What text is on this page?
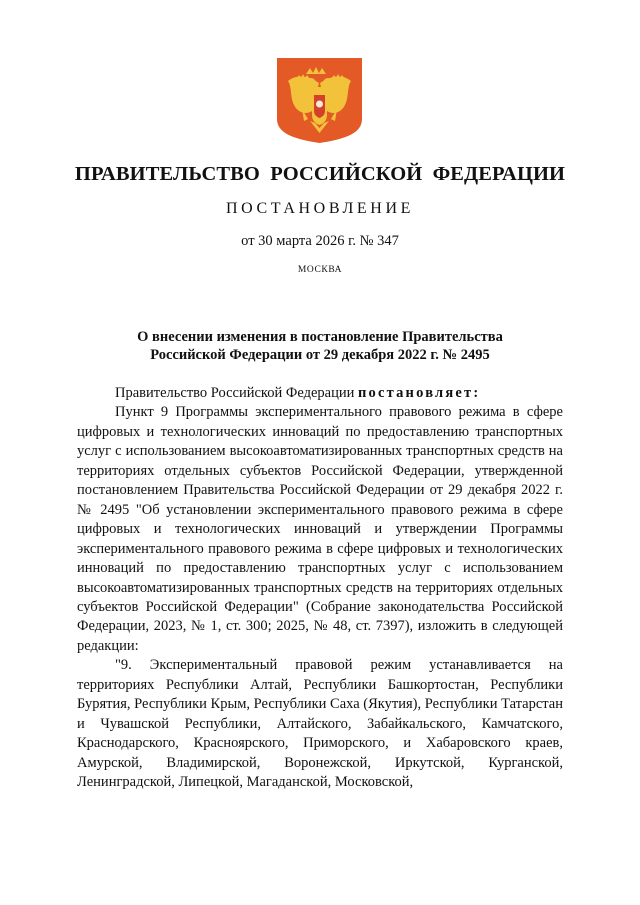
ПРАВИТЕЛЬСТВО РОССИЙСКОЙ ФЕДЕРАЦИИ
ПОСТАНОВЛЕНИЕ
от 30 марта 2026 г. № 347
МОСКВА
О внесении изменения в постановление Правительства
Российской Федерации от 29 декабря 2022 г. № 2495

Правительство Российской Федерации постановляет:

Пункт 9 Программы экспериментального правового режима в сфере цифровых и технологических инноваций по предоставлению транспортных услуг с использованием высокоавтоматизированных транспортных средств на территориях отдельных субъектов Российской Федерации, утвержденной постановлением Правительства Российской Федерации от 29 декабря 2022 г. № 2495 "Об установлении экспериментального правового режима в сфере цифровых и технологических инноваций и утверждении Программы экспериментального правового режима в сфере цифровых и технологических инноваций по предоставлению транспортных услуг с использованием высокоавтоматизированных транспортных средств на территориях отдельных субъектов Российской Федерации" (Собрание законодательства Российской Федерации, 2023, № 1, ст. 300; 2025, № 48, ст. 7397), изложить в следующей редакции:

"9. Экспериментальный правовой режим устанавливается на территориях Республики Алтай, Республики Башкортостан, Республики Бурятия, Республики Крым, Республики Саха (Якутия), Республики Татарстан и Чувашской Республики, Алтайского, Забайкальского, Камчатского, Краснодарского, Красноярского, Приморского, и Хабаровского краев, Амурской, Владимирской, Воронежской, Иркутской, Курганской, Ленинградской, Липецкой, Магаданской, Московской,
